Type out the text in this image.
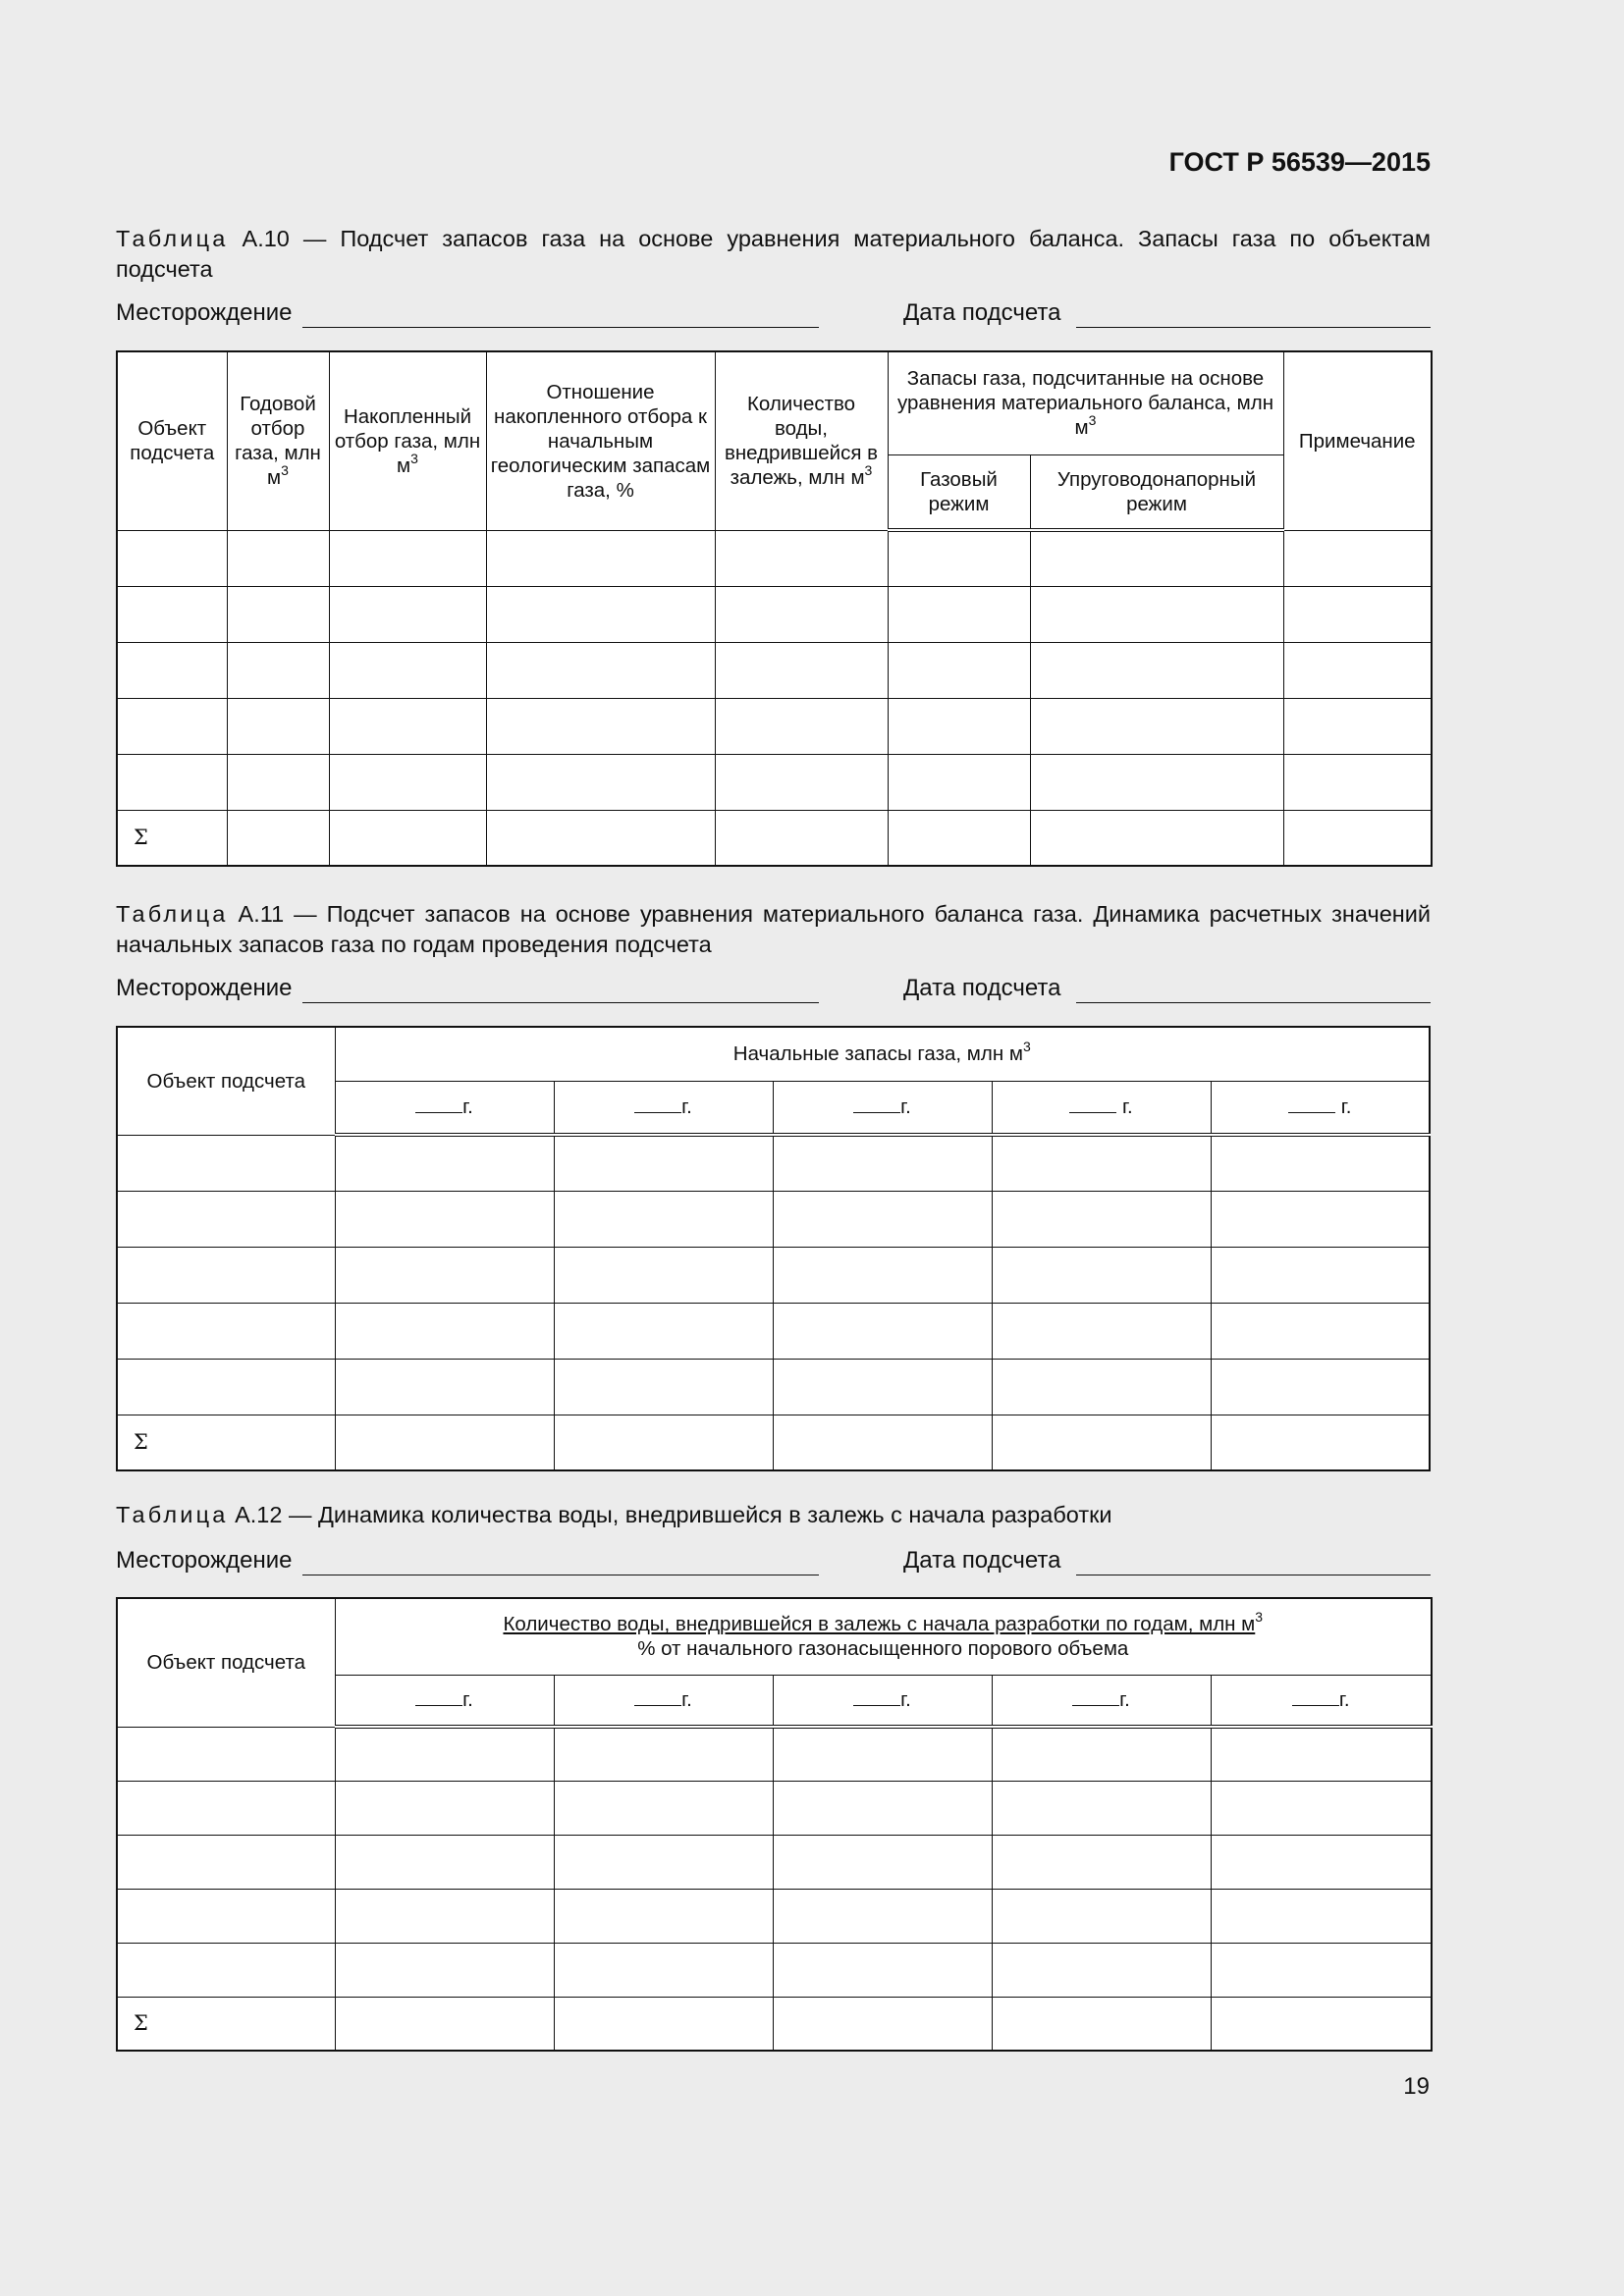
ГОСТ Р 56539—2015
Таблица А.10 — Подсчет запасов газа на основе уравнения материального баланса. Запасы газа по объектам подсчета
Месторождение	Дата подсчета
Объект подсчета	Годовой отбор газа, млн $м^3$	Накопленный отбор газа, млн $м^3$	Отношение накопленного отбора к начальным геологическим запасам газа, %	Количество воды, внедрившейся в залежь, млн $м^3$	Запасы газа, подсчитанные на основе уравнения материального баланса, млн $м^3$		Примечание
					Газовый режим	Упруговодонапорный режим	

Σ							
Таблица А.11 — Подсчет запасов на основе уравнения материального баланса газа. Динамика расчетных значений начальных запасов газа по годам проведения подсчета
Месторождение	Дата подсчета
Объект подсчета	Начальные запасы газа, млн $м^3$
	г.	г.	г.	г.	г.

Σ					
Таблица А.12 — Динамика количества воды, внедрившейся в залежь с начала разработки
Месторождение	Дата подсчета
Объект подсчета	Количество воды, внедрившейся в залежь с начала разработки по годам, млн $м^3$
% от начального газонасыщенного порового объема				
	г.	г.	г.	г.	г.

Σ					
19
